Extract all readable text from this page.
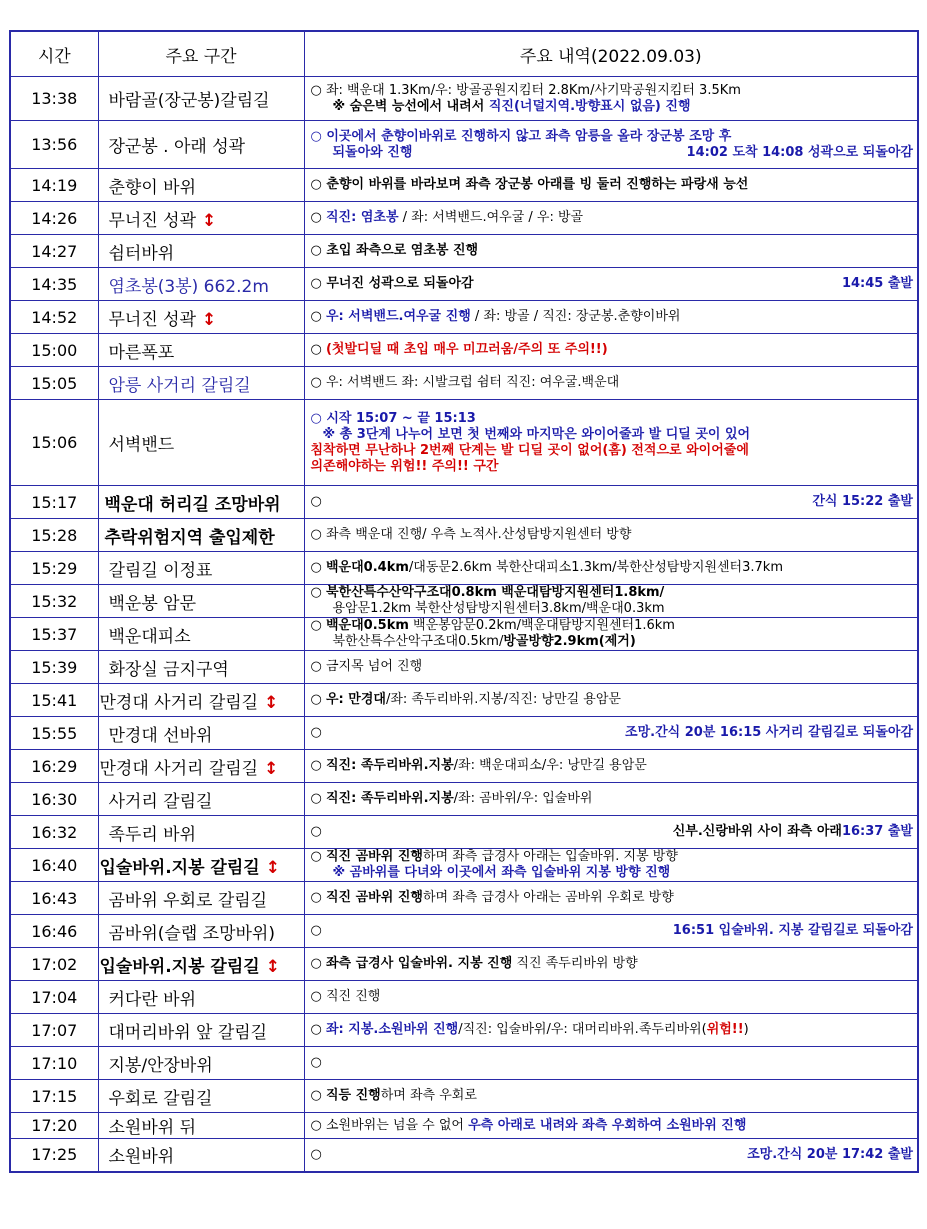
시간	주요 구간	주요 내역(2022.09.03)
13:38	바람골(장군봉)갈림길	○ 좌: 백운대 1.3Km/우: 방골공원지킴터 2.8Km/사기막공원지킴터 3.5Km
※ 숨은벽 능선에서 내려서 직진(너덜지역.방향표시 없음) 진행

13:56	장군봉 . 아래 성곽	○ 이곳에서 춘향이바위로 진행하지 않고 좌측 암릉을 올라 장군봉 조망 후
되돌아와 진행 14:02 도착 14:08 성곽으로 되돌아감

14:19	춘향이 바위	○ 춘향이 바위를 바라보며 좌측 장군봉 아래를 빙 둘러 진행하는 파랑새 능선

14:26	무너진 성곽 ↕	○ 직진: 염초봉 / 좌: 서벽밴드.여우굴 / 우: 방골

14:27	쉼터바위	○ 초입 좌측으로 염초봉 진행

14:35	염초봉(3봉) 662.2m	○ 무너진 성곽으로 되돌아감 14:45 출발

14:52	무너진 성곽 ↕	○ 우: 서벽밴드.여우굴 진행 / 좌: 방골 / 직진: 장군봉.춘향이바위

15:00	마른폭포	○ (첫발디딜 때 초입 매우 미끄러움/주의 또 주의!!)

15:05	암릉 사거리 갈림길	○ 우: 서벽밴드 좌: 시발크럽 쉼터 직진: 여우굴.백운대

15:06	서벽밴드	○ 시작 15:07 ~ 끝 15:13
※ 총 3단계 나누어 보면 첫 번째와 마지막은 와이어줄과 발 디딜 곳이 있어
침착하면 무난하나 2번째 단계는 발 디딜 곳이 없어(홈) 전적으로 와이어줄에
의존해야하는 위험!! 주의!! 구간

15:17	백운대 허리길 조망바위	○ 간식 15:22 출발

15:28	추락위험지역 출입제한	○ 좌측 백운대 진행/ 우측 노적사.산성탐방지원센터 방향

15:29	갈림길 이정표	○ 백운대0.4km/대동문2.6km 북한산대피소1.3km/북한산성탐방지원센터3.7km

15:32	백운봉 암문	○ 북한산특수산악구조대0.8km 백운대탐방지원센터1.8km/
용암문1.2km 북한산성탐방지원센터3.8km/백운대0.3km

15:37	백운대피소	○ 백운대0.5km 백운봉암문0.2km/백운대탐방지원센터1.6km
북한산특수산악구조대0.5km/방골방향2.9km(제거)

15:39	화장실 금지구역	○ 금지목 넘어 진행

15:41	만경대 사거리 갈림길 ↕	○ 우: 만경대/좌: 족두리바위.지봉/직진: 낭만길 용암문

15:55	만경대 선바위	○ 조망.간식 20분 16:15 사거리 갈림길로 되돌아감

16:29	만경대 사거리 갈림길 ↕	○ 직진: 족두리바위.지봉/좌: 백운대피소/우: 낭만길 용암문

16:30	사거리 갈림길	○ 직진: 족두리바위.지봉/좌: 곰바위/우: 입술바위

16:32	족두리 바위	○ 16:37 출발
신부.신랑바위 사이 좌측 아래

16:40	입술바위.지봉 갈림길 ↕	○ 직진 곰바위 진행하며 좌측 급경사 아래는 입술바위. 지봉 방향
※ 곰바위를 다녀와 이곳에서 좌측 입술바위 지봉 방향 진행

16:43	곰바위 우회로 갈림길	○ 직진 곰바위 진행하며 좌측 급경사 아래는 곰바위 우회로 방향

16:46	곰바위(슬랩 조망바위)	○ 16:51 입술바위. 지봉 갈림길로 되돌아감

17:02	입술바위.지봉 갈림길 ↕	○ 좌측 급경사 입술바위. 지봉 진행 직진 족두리바위 방향

17:04	커다란 바위	○ 직진 진행

17:07	대머리바위 앞 갈림길	○ 좌: 지봉.소원바위 진행/직진: 입술바위/우: 대머리바위.족두리바위(위험!!)

17:10	지봉/안장바위	○

17:15	우회로 갈림길	○ 직등 진행하며 좌측 우회로

17:20	소원바위 뒤	○ 소원바위는 넘을 수 없어 우측 아래로 내려와 좌측 우회하여 소원바위 진행

17:25	소원바위	○ 조망.간식 20분 17:42 출발
